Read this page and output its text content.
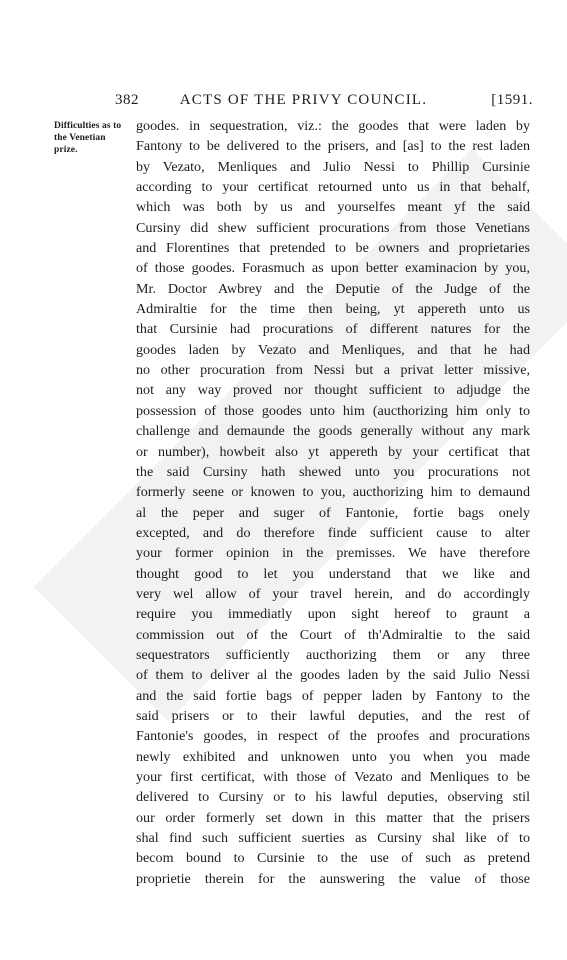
382	ACTS OF THE PRIVY COUNCIL.	[1591.
Difficulties as to the Venetian prize.
goodes. in sequestration, viz.: the goodes that were laden by
Fantony to be delivered to the prisers, and [as] to the rest laden
by Vezato, Menliques and Julio Nessi to Phillip Cursinie
according to your certificat retourned unto us in that behalf,
which was both by us and yourselfes meant yf the said
Cursiny did shew sufficient procurations from those Venetians
and Florentines that pretended to be owners and proprietaries
of those goodes. Forasmuch as upon better examinacion by you,
Mr. Doctor Awbrey and the Deputie of the Judge of the
Admiraltie for the time then being, yt appereth unto us
that Cursinie had procurations of different natures for the
goodes laden by Vezato and Menliques, and that he had
no other procuration from Nessi but a privat letter missive,
not any way proved nor thought sufficient to adjudge the
possession of those goodes unto him (aucthorizing him only to
challenge and demaunde the goods generally without any mark
or number), howbeit also yt appereth by your certificat that
the said Cursiny hath shewed unto you procurations not
formerly seene or knowen to you, aucthorizing him to demaund
al the peper and suger of Fantonie, fortie bags onely
excepted, and do therefore finde sufficient cause to alter
your former opinion in the premisses. We have therefore
thought good to let you understand that we like and
very wel allow of your travel herein, and do accordingly
require you immediatly upon sight hereof to graunt a
commission out of the Court of th'Admiraltie to the said
sequestrators sufficiently aucthorizing them or any three
of them to deliver al the goodes laden by the said Julio Nessi
and the said fortie bags of pepper laden by Fantony to the
said prisers or to their lawful deputies, and the rest of
Fantonie's goodes, in respect of the proofes and procurations
newly exhibited and unknowen unto you when you made
your first certificat, with those of Vezato and Menliques to be
delivered to Cursiny or to his lawful deputies, observing stil
our order formerly set down in this matter that the prisers
shal find such sufficient suerties as Cursiny shal like of to
becom bound to Cursinie to the use of such as pretend
proprietie therein for the aunswering the value of those
